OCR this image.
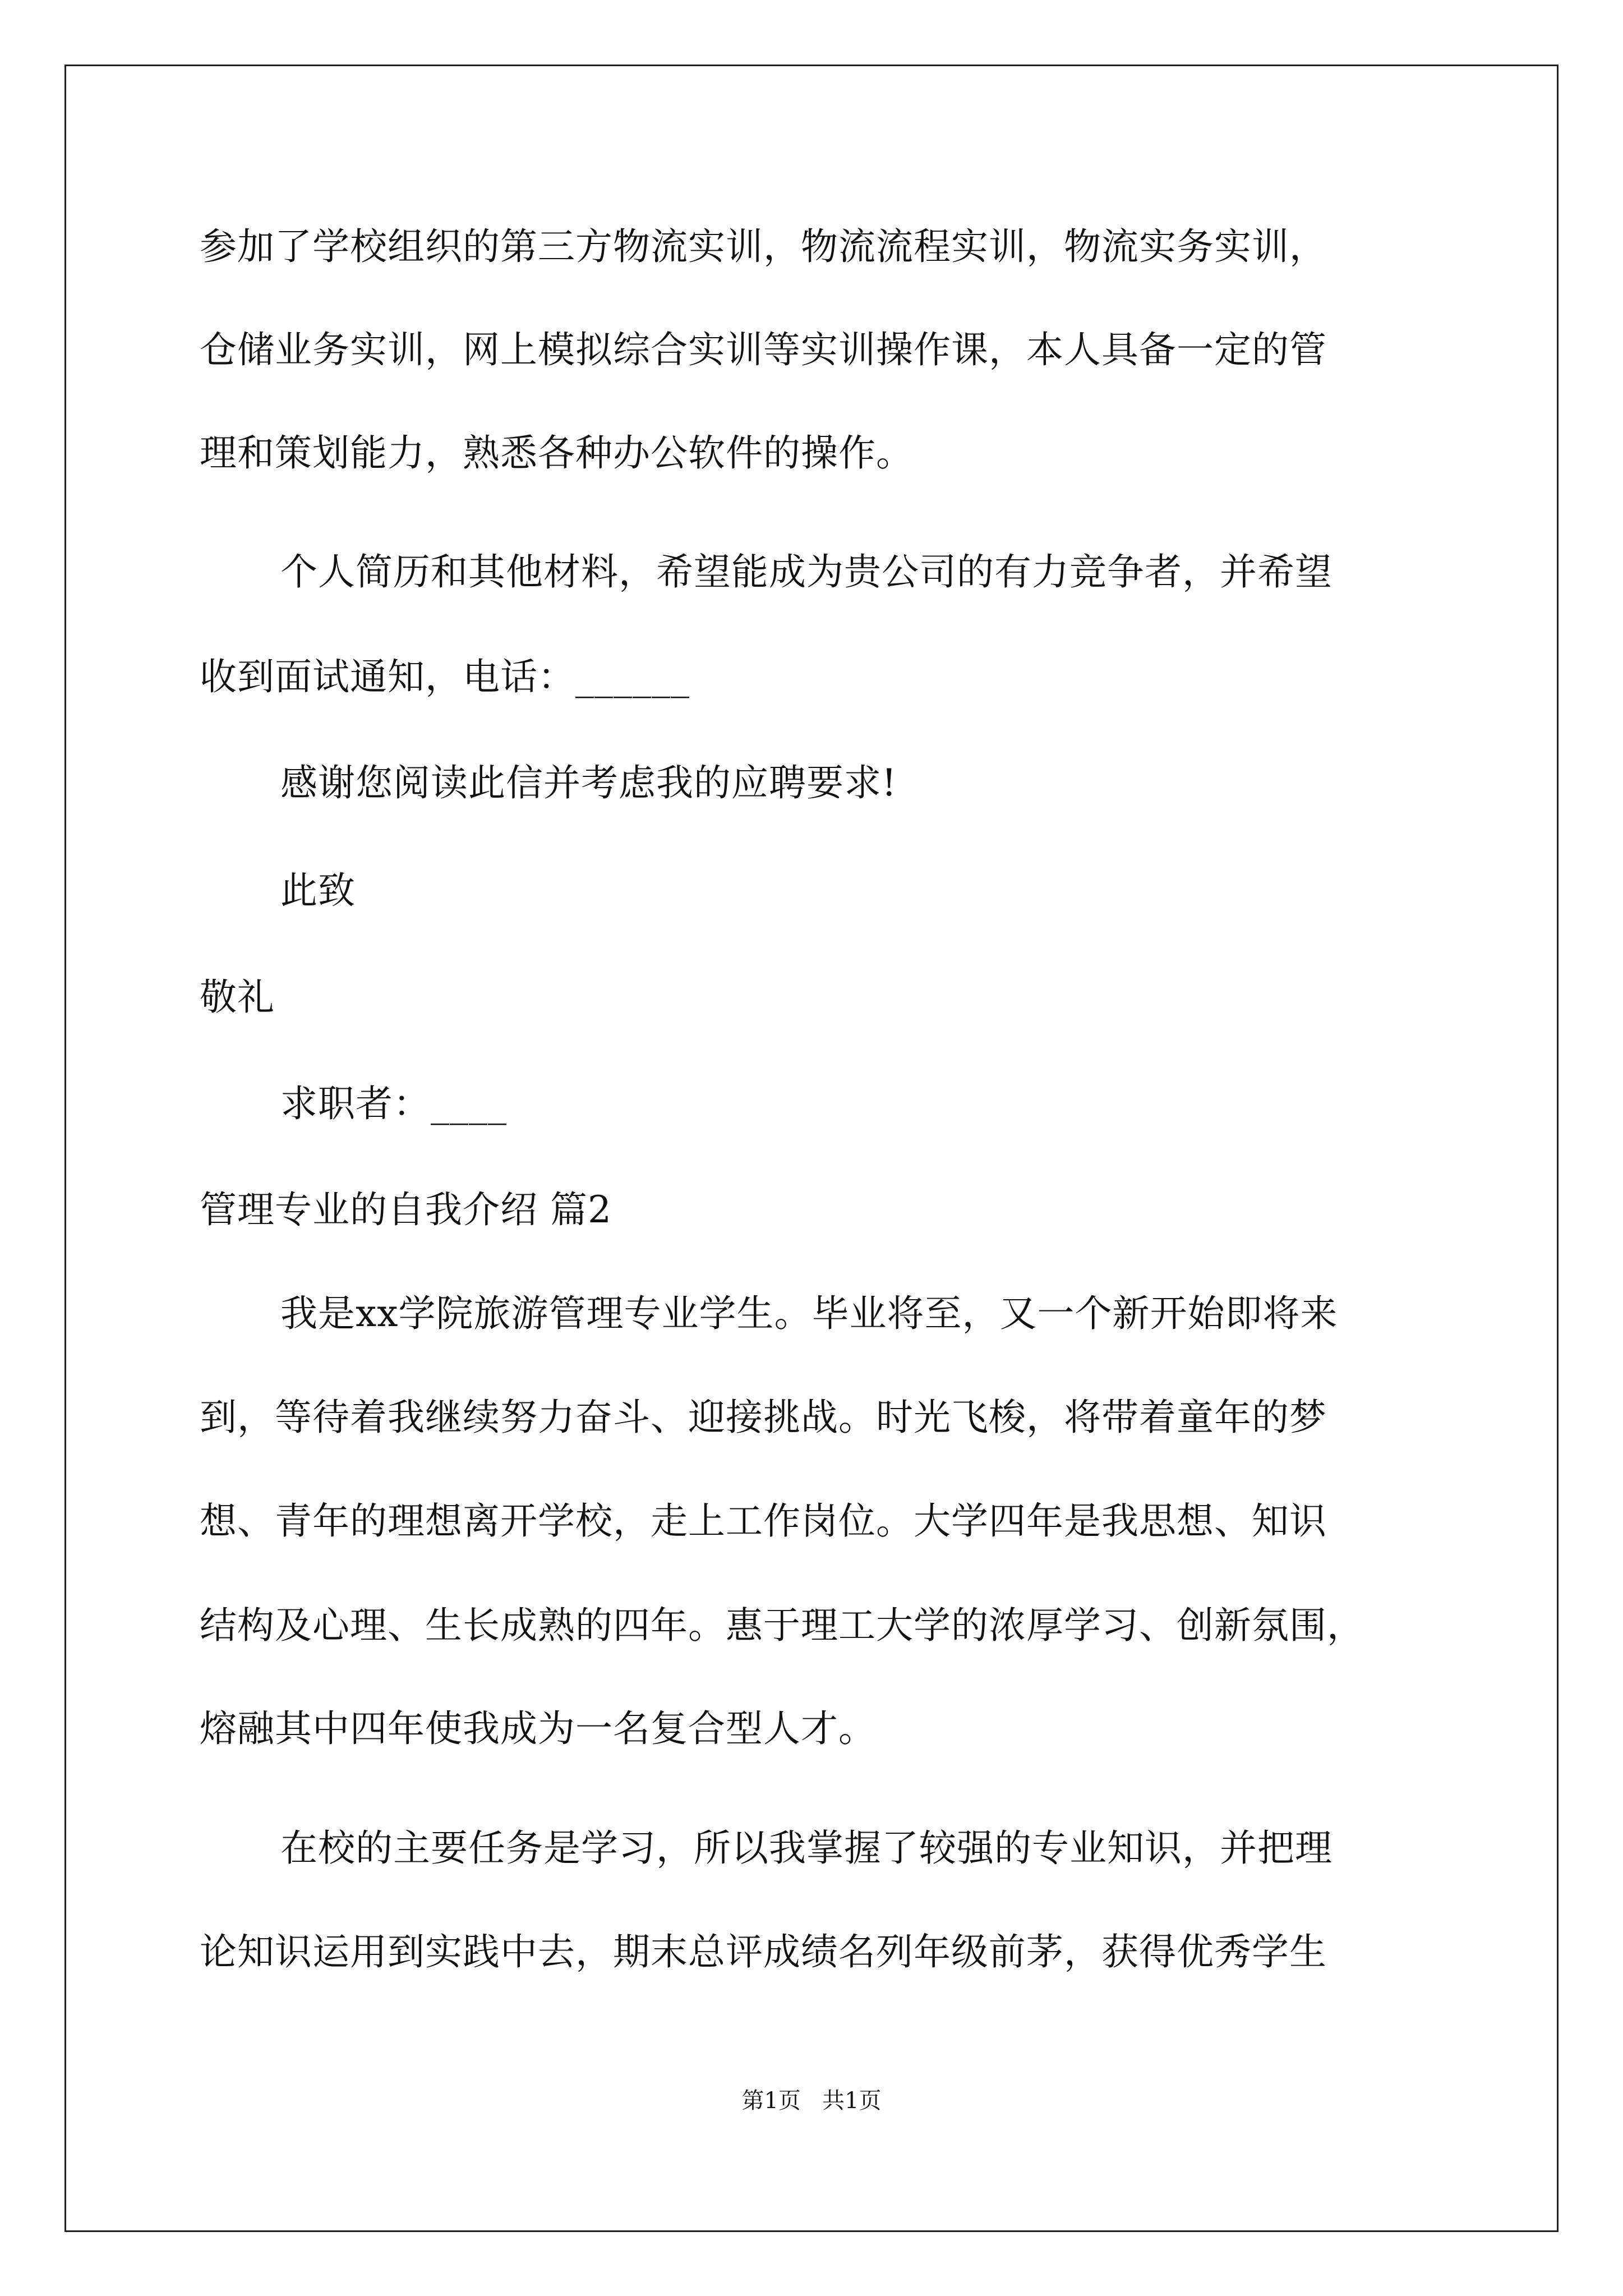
参加了学校组织的第三方物流实训，物流流程实训，物流实务实训，
仓储业务实训，网上模拟综合实训等实训操作课，本人具备一定的管
理和策划能力，熟悉各种办公软件的操作。
个人简历和其他材料，希望能成为贵公司的有力竞争者，并希望
收到面试通知，电话：______
感谢您阅读此信并考虑我的应聘要求!
此致
敬礼
求职者：____
管理专业的自我介绍 篇2
我是xx学院旅游管理专业学生。毕业将至，又一个新开始即将来
到，等待着我继续努力奋斗、迎接挑战。时光飞梭，将带着童年的梦
想、青年的理想离开学校，走上工作岗位。大学四年是我思想、知识
结构及心理、生长成熟的四年。惠于理工大学的浓厚学习、创新氛围，
熔融其中四年使我成为一名复合型人才。
在校的主要任务是学习，所以我掌握了较强的专业知识，并把理
论知识运用到实践中去，期末总评成绩名列年级前茅，获得优秀学生
第1页   共1页
